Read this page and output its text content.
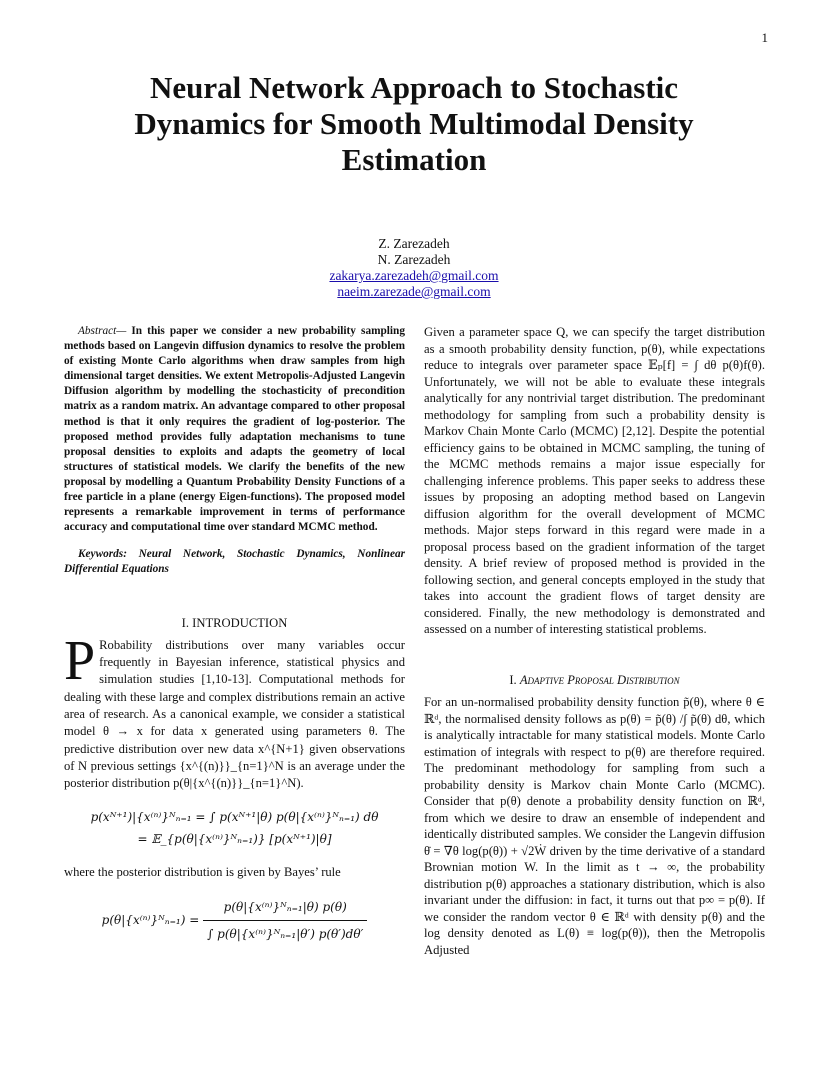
1
Neural Network Approach to Stochastic Dynamics for Smooth Multimodal Density Estimation
Z. Zarezadeh
N. Zarezadeh
zakarya.zarezadeh@gmail.com
naeim.zarezade@gmail.com

Abstract— In this paper we consider a new probability sampling methods based on Langevin diffusion dynamics to resolve the problem of existing Monte Carlo algorithms when draw samples from high dimensional target densities. We extent Metropolis-Adjusted Langevin Diffusion algorithm by modelling the stochasticity of precondition matrix as a random matrix. An advantage compared to other proposal method is that it only requires the gradient of log-posterior. The proposed method provides fully adaptation mechanisms to tune proposal densities to exploits and adapts the geometry of local structures of statistical models. We clarify the benefits of the new proposal by modelling a Quantum Probability Density Functions of a free particle in a plane (energy Eigen-functions). The proposed model represents a remarkable improvement in terms of performance accuracy and computational time over standard MCMC method.

Keywords: Neural Network, Stochastic Dynamics, Nonlinear Differential Equations

I. INTRODUCTION

P Robability distributions over many variables occur frequently in Bayesian inference, statistical physics and simulation studies [1,10-13]. Computational methods for dealing with these large and complex distributions remain an active area of research. As a canonical example, we consider a statistical model θ → x for data x generated using parameters θ. The predictive distribution over new data x^{N+1} given observations of N previous settings {x^{(n)}}_{n=1}^N is an average under the posterior distribution p(θ|{x^{(n)}}_{n=1}^N).

p(xᴺ⁺¹)|{x⁽ⁿ⁾}ᴺₙ₌₁ = ∫ p(xᴺ⁺¹|θ) p(θ|{x⁽ⁿ⁾}ᴺₙ₌₁) dθ
= 𝔼_{p(θ|{x⁽ⁿ⁾}ᴺₙ₌₁)} [p(xᴺ⁺¹)|θ]

where the posterior distribution is given by Bayes’ rule

p(θ|{x⁽ⁿ⁾}ᴺₙ₌₁) = $\frac{\text{p(θ|\{x⁽ⁿ⁾\}ᴺₙ₌₁|θ) p(θ)}}{\text{∫ p(θ|\{x⁽ⁿ⁾\}ᴺₙ₌₁|θ′) p(θ′)dθ′}}$

Given a parameter space Q, we can specify the target distribution as a smooth probability density function, p(θ), while expectations reduce to integrals over parameter space 𝔼ₚ[f] = ∫ dθ p(θ)f(θ). Unfortunately, we will not be able to evaluate these integrals analytically for any nontrivial target distribution. The predominant methodology for sampling from such a probability density is Markov Chain Monte Carlo (MCMC) [2,12]. Despite the potential efficiency gains to be obtained in MCMC sampling, the tuning of the MCMC methods remains a major issue especially for challenging inference problems. This paper seeks to address these issues by proposing an adopting method based on Langevin diffusion algorithm for the overall development of MCMC methods. Major steps forward in this regard were made in a proposal process based on the gradient information of the target density. A brief review of proposed method is provided in the following section, and general concepts employed in the study that takes into account the gradient flows of target density are considered. Finally, the new methodology is demonstrated and assessed on a number of interesting statistical problems.

I. Adaptive Proposal Distribution

For an un-normalised probability density function p̃(θ), where θ ∈ ℝᵈ, the normalised density follows as p(θ) = p̃(θ) /∫ p̃(θ) dθ, which is analytically intractable for many statistical models. Monte Carlo estimation of integrals with respect to p(θ) are therefore required. The predominant methodology for sampling from such a probability density is Markov chain Monte Carlo (MCMC). Consider that p(θ) denote a probability density function on ℝᵈ, from which we desire to draw an ensemble of independent and identically distributed samples. We consider the Langevin diffusion θ̇ = ∇θ log(p(θ)) + √2Ẇ driven by the time derivative of a standard Brownian motion W. In the limit as t → ∞, the probability distribution p(θ) approaches a stationary distribution, which is also invariant under the diffusion: in fact, it turns out that p∞ = p(θ). If we consider the random vector θ ∈ ℝᵈ with density p(θ) and the log density denoted as L(θ) ≡ log(p(θ)), then the Metropolis Adjusted
